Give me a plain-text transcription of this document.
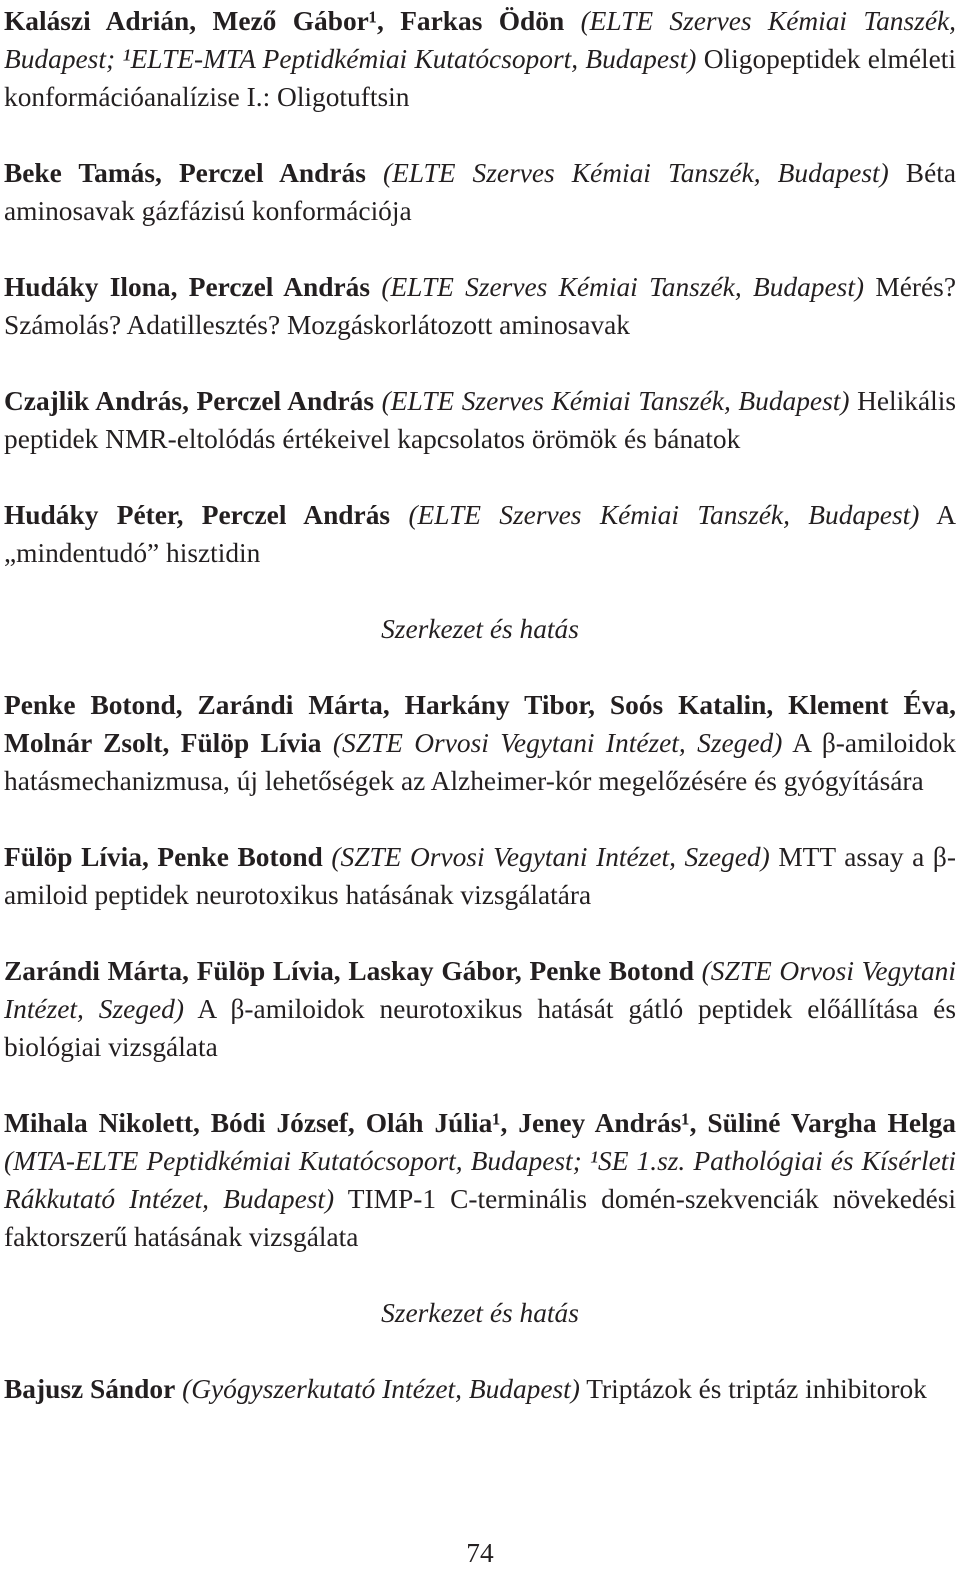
Kalászi Adrián, Mező Gábor¹, Farkas Ödön (ELTE Szerves Kémiai Tanszék, Budapest; ¹ELTE-MTA Peptidkémiai Kutatócsoport, Budapest) Oligopeptidek elméleti konformációanalízise I.: Oligotuftsin

Beke Tamás, Perczel András (ELTE Szerves Kémiai Tanszék, Budapest) Béta aminosavak gázfázisú konformációja

Hudáky Ilona, Perczel András (ELTE Szerves Kémiai Tanszék, Budapest) Mérés? Számolás? Adatillesztés? Mozgáskorlátozott aminosavak

Czajlik András, Perczel András (ELTE Szerves Kémiai Tanszék, Budapest) Helikális peptidek NMR-eltolódás értékeivel kapcsolatos örömök és bánatok

Hudáky Péter, Perczel András (ELTE Szerves Kémiai Tanszék, Budapest) A „mindentudó” hisztidin

Szerkezet és hatás

Penke Botond, Zarándi Márta, Harkány Tibor, Soós Katalin, Klement Éva, Molnár Zsolt, Fülöp Lívia (SZTE Orvosi Vegytani Intézet, Szeged) A β-amiloidok hatásmechanizmusa, új lehetőségek az Alzheimer-kór megelőzésére és gyógyítására

Fülöp Lívia, Penke Botond (SZTE Orvosi Vegytani Intézet, Szeged) MTT assay a β-amiloid peptidek neurotoxikus hatásának vizsgálatára

Zarándi Márta, Fülöp Lívia, Laskay Gábor, Penke Botond (SZTE Orvosi Vegytani Intézet, Szeged) A β-amiloidok neurotoxikus hatását gátló peptidek előállítása és biológiai vizsgálata

Mihala Nikolett, Bódi József, Oláh Júlia¹, Jeney András¹, Süliné Vargha Helga (MTA-ELTE Peptidkémiai Kutatócsoport, Budapest; ¹SE 1.sz. Pathológiai és Kísérleti Rákkutató Intézet, Budapest) TIMP-1 C-terminális domén-szekvenciák növekedési faktorszerű hatásának vizsgálata

Szerkezet és hatás

Bajusz Sándor (Gyógyszerkutató Intézet, Budapest) Triptázok és triptáz inhibitorok

74
